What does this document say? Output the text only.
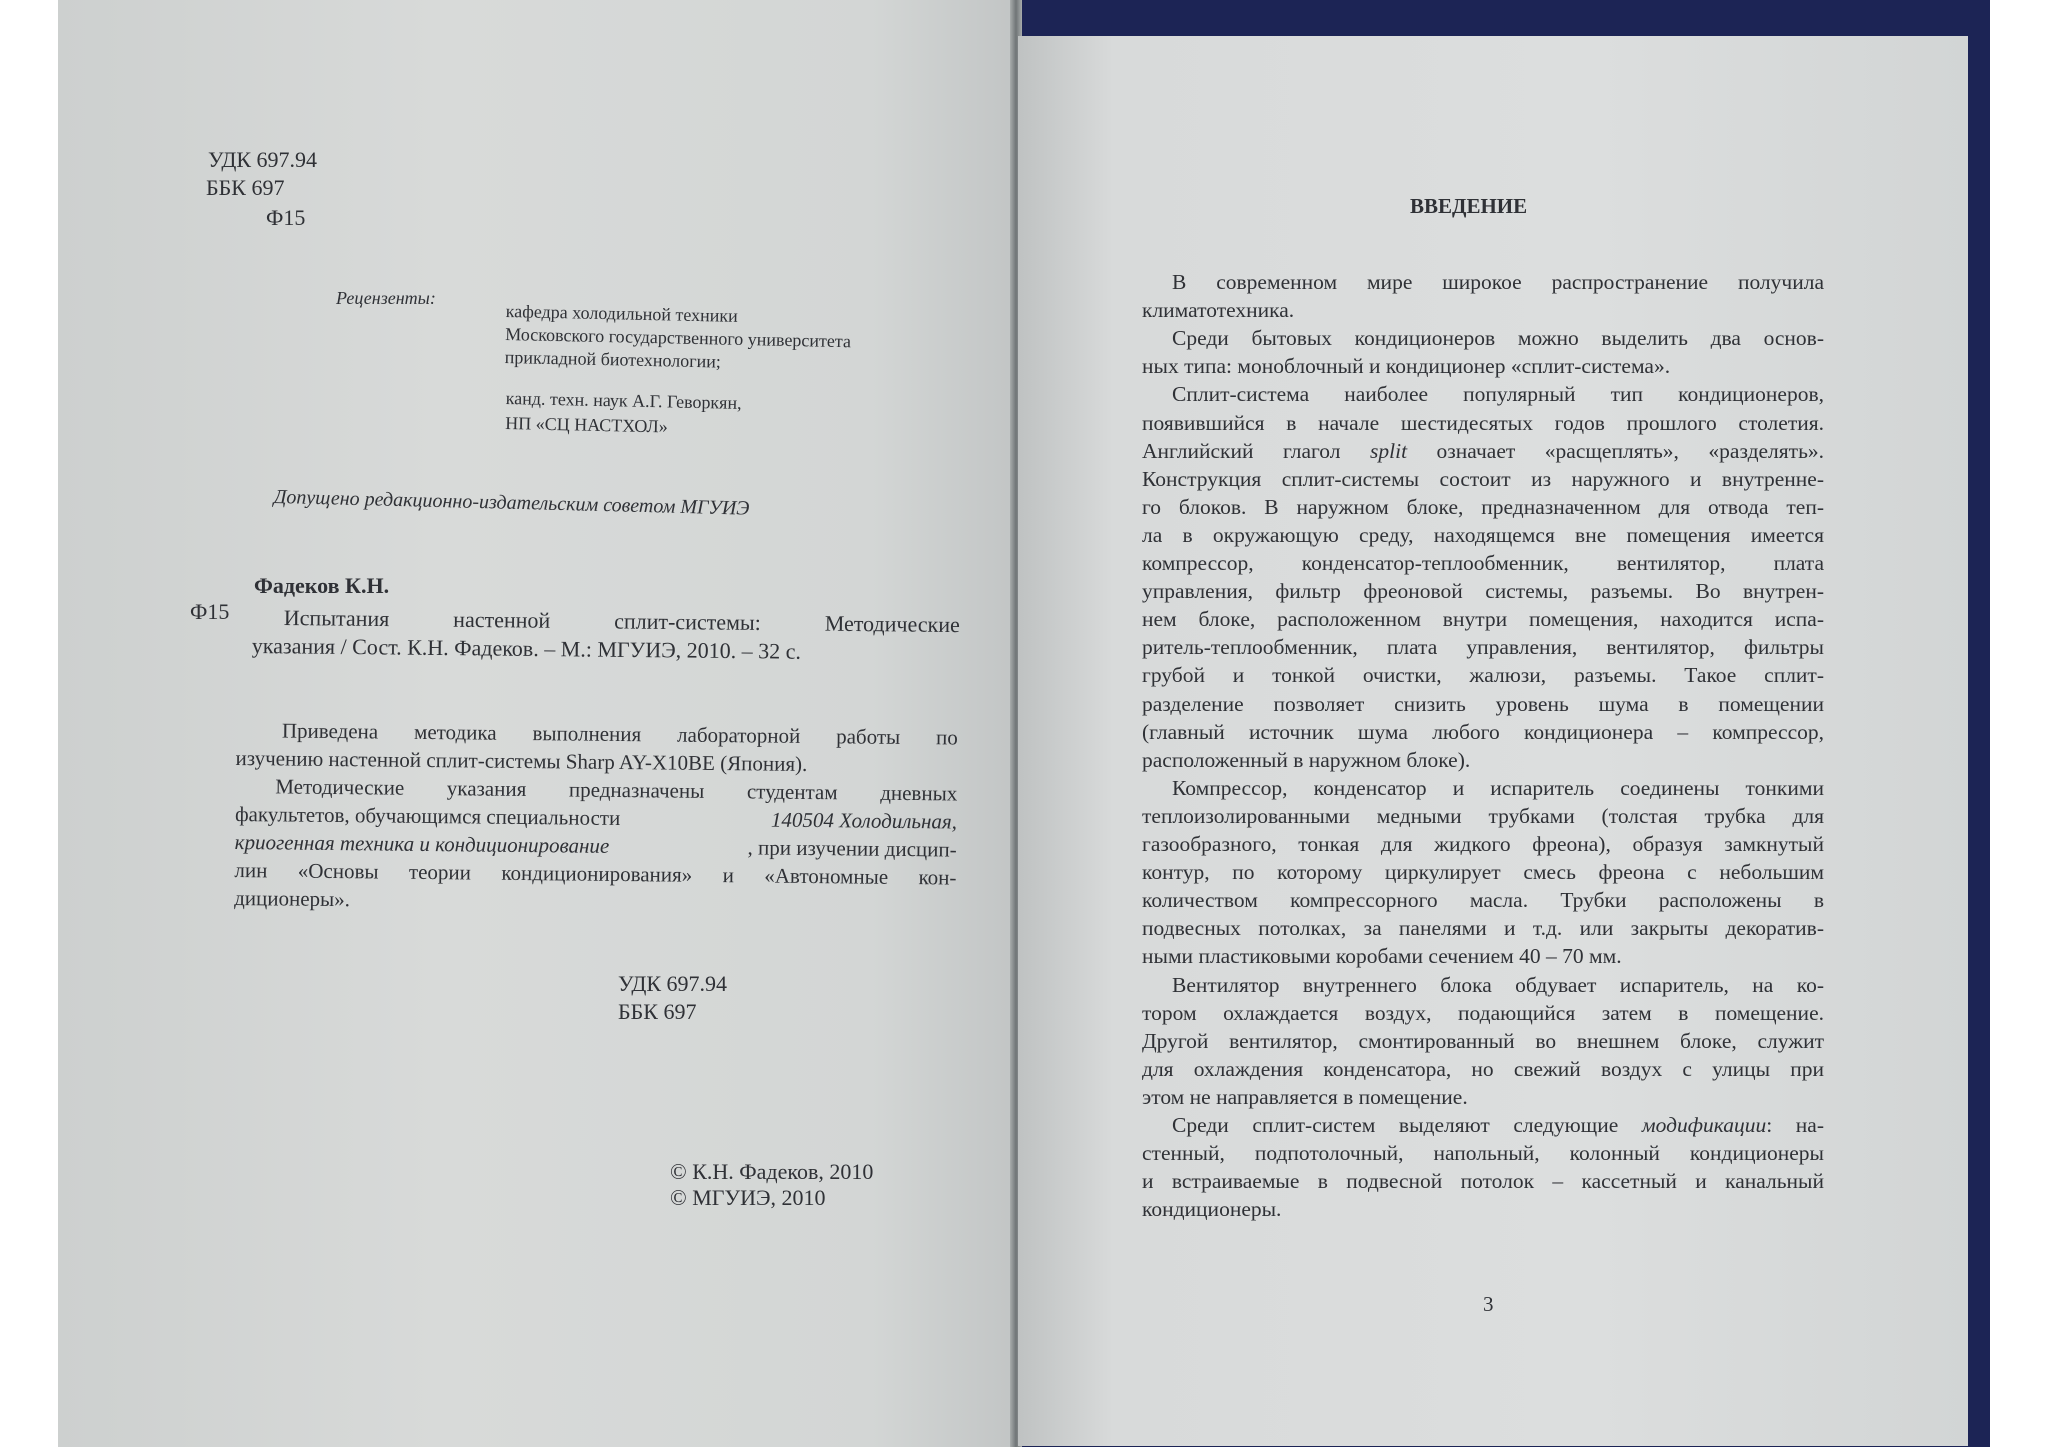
УДК 697.94
ББК 697
Ф15
Рецензенты:
кафедра холодильной техники
Московского государственного университета
прикладной биотехнологии;
канд. техн. наук А.Г. Геворкян,
НП «СЦ НАСТХОЛ»
Допущено редакционно-издательским советом МГУИЭ
Фадеков К.Н.
Ф15 Испытания настенной сплит-системы: Методические
указания / Сост. К.Н. Фадеков. – М.: МГУИЭ, 2010. – 32 с.
Приведена методика выполнения лабораторной работы по
изучению настенной сплит-системы Sharp AY-X10BE (Япония).
Методические указания предназначены студентам дневных
факультетов, обучающимся специальности	140504 Холодильная,
криогенная техника и кондиционирование	, при изучении дисцип-
лин «Основы теории кондиционирования» и «Автономные кон-
диционеры».
УДК 697.94
ББК 697
© К.Н. Фадеков, 2010
© МГУИЭ, 2010
ВВЕДЕНИЕ
В современном мире широкое распространение получила
климатотехника.
Среди бытовых кондиционеров можно выделить два основ-
ных типа: моноблочный и кондиционер «сплит-система».
Сплит-система наиболее популярный тип кондиционеров,
появившийся в начале шестидесятых годов прошлого столетия.
Английский глагол split означает «расщеплять», «разделять».
Конструкция сплит-системы состоит из наружного и внутренне-
го блоков. В наружном блоке, предназначенном для отвода теп-
ла в окружающую среду, находящемся вне помещения имеется
компрессор, конденсатор-теплообменник, вентилятор, плата
управления, фильтр фреоновой системы, разъемы. Во внутрен-
нем блоке, расположенном внутри помещения, находится испа-
ритель-теплообменник, плата управления, вентилятор, фильтры
грубой и тонкой очистки, жалюзи, разъемы. Такое сплит-
разделение позволяет снизить уровень шума в помещении
(главный источник шума любого кондиционера – компрессор,
расположенный в наружном блоке).
Компрессор, конденсатор и испаритель соединены тонкими
теплоизолированными медными трубками (толстая трубка для
газообразного, тонкая для жидкого фреона), образуя замкнутый
контур, по которому циркулирует смесь фреона с небольшим
количеством компрессорного масла. Трубки расположены в
подвесных потолках, за панелями и т.д. или закрыты декоратив-
ными пластиковыми коробами сечением 40 – 70 мм.
Вентилятор внутреннего блока обдувает испаритель, на ко-
тором охлаждается воздух, подающийся затем в помещение.
Другой вентилятор, смонтированный во внешнем блоке, служит
для охлаждения конденсатора, но свежий воздух с улицы при
этом не направляется в помещение.
Среди сплит-систем выделяют следующие модификации: на-
стенный, подпотолочный, напольный, колонный кондиционеры
и встраиваемые в подвесной потолок – кассетный и канальный
кондиционеры.
3
